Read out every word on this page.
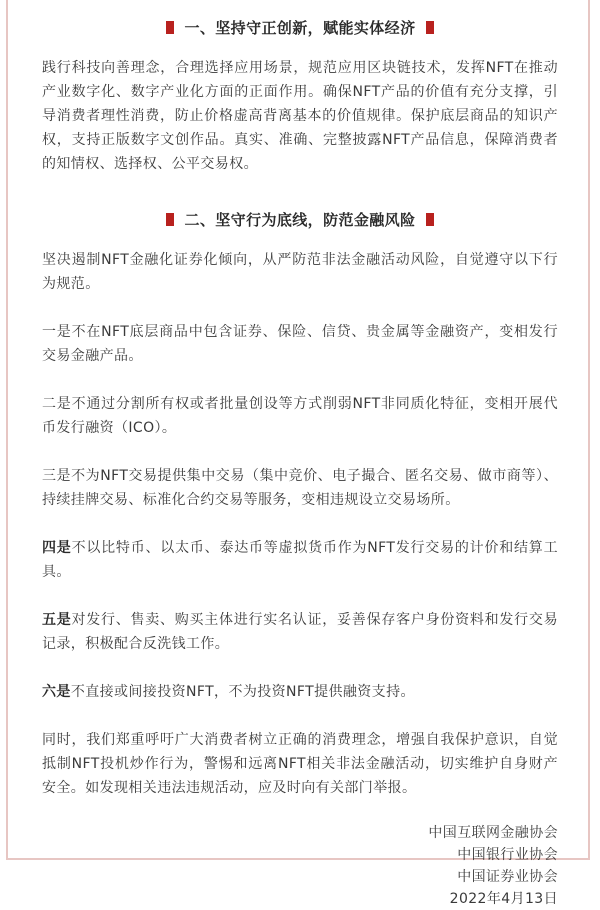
一、坚持守正创新，赋能实体经济

践行科技向善理念，合理选择应用场景，规范应用区块链技术，发挥NFT在推动产业数字化、数字产业化方面的正面作用。确保NFT产品的价值有充分支撑，引导消费者理性消费，防止价格虚高背离基本的价值规律。保护底层商品的知识产权，支持正版数字文创作品。真实、准确、完整披露NFT产品信息，保障消费者的知情权、选择权、公平交易权。

二、坚守行为底线，防范金融风险

坚决遏制NFT金融化证券化倾向，从严防范非法金融活动风险，自觉遵守以下行为规范。

一是不在NFT底层商品中包含证券、保险、信贷、贵金属等金融资产，变相发行交易金融产品。

二是不通过分割所有权或者批量创设等方式削弱NFT非同质化特征，变相开展代币发行融资（ICO）。

三是不为NFT交易提供集中交易（集中竞价、电子撮合、匿名交易、做市商等）、持续挂牌交易、标准化合约交易等服务，变相违规设立交易场所。

四是不以比特币、以太币、泰达币等虚拟货币作为NFT发行交易的计价和结算工具。

五是对发行、售卖、购买主体进行实名认证，妥善保存客户身份资料和发行交易记录，积极配合反洗钱工作。

六是不直接或间接投资NFT，不为投资NFT提供融资支持。

同时，我们郑重呼吁广大消费者树立正确的消费理念，增强自我保护意识，自觉抵制NFT投机炒作行为，警惕和远离NFT相关非法金融活动，切实维护自身财产安全。如发现相关违法违规活动，应及时向有关部门举报。

中国互联网金融协会
中国银行业协会
中国证券业协会
2022年4月13日
